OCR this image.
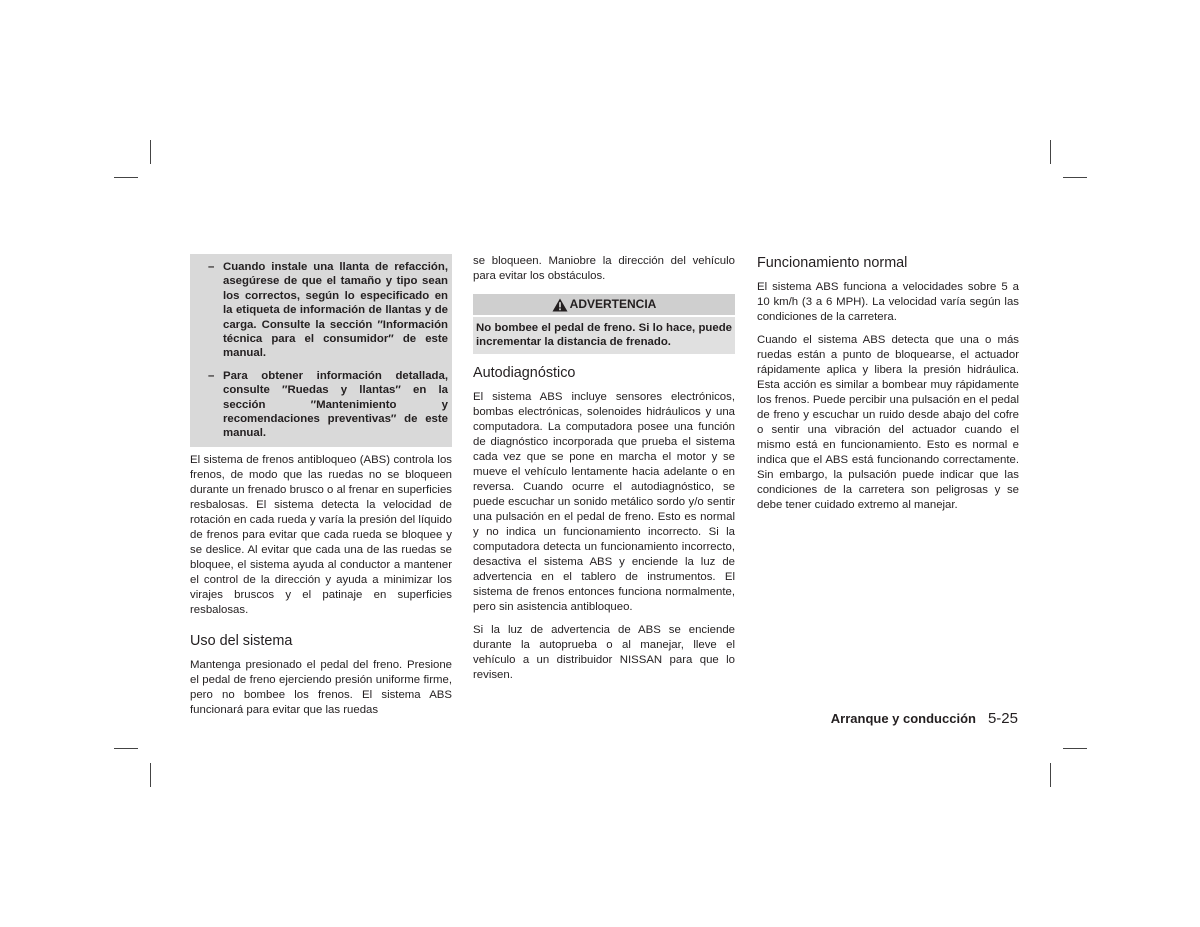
– Cuando instale una llanta de refacción, asegúrese de que el tamaño y tipo sean los correctos, según lo especificado en la etiqueta de información de llantas y de carga. Consulte la sección ″Información técnica para el consumidor″ de este manual.
– Para obtener información detallada, consulte ″Ruedas y llantas″ en la sección ″Mantenimiento y recomendaciones preventivas″ de este manual.

El sistema de frenos antibloqueo (ABS) controla los frenos, de modo que las ruedas no se bloqueen durante un frenado brusco o al frenar en superficies resbalosas. El sistema detecta la velocidad de rotación en cada rueda y varía la presión del líquido de frenos para evitar que cada rueda se bloquee y se deslice. Al evitar que cada una de las ruedas se bloquee, el sistema ayuda al conductor a mantener el control de la dirección y ayuda a minimizar los virajes bruscos y el patinaje en superficies resbalosas.

Uso del sistema

Mantenga presionado el pedal del freno. Presione el pedal de freno ejerciendo presión uniforme firme, pero no bombee los frenos. El sistema ABS funcionará para evitar que las ruedas

se bloqueen. Maniobre la dirección del vehículo para evitar los obstáculos.

ADVERTENCIA
No bombee el pedal de freno. Si lo hace, puede incrementar la distancia de frenado.
Autodiagnóstico

El sistema ABS incluye sensores electrónicos, bombas electrónicas, solenoides hidráulicos y una computadora. La computadora posee una función de diagnóstico incorporada que prueba el sistema cada vez que se pone en marcha el motor y se mueve el vehículo lentamente hacia adelante o en reversa. Cuando ocurre el autodiagnóstico, se puede escuchar un sonido metálico sordo y/o sentir una pulsación en el pedal de freno. Esto es normal y no indica un funcionamiento incorrecto. Si la computadora detecta un funcionamiento incorrecto, desactiva el sistema ABS y enciende la luz de advertencia en el tablero de instrumentos. El sistema de frenos entonces funciona normalmente, pero sin asistencia antibloqueo.

Si la luz de advertencia de ABS se enciende durante la autoprueba o al manejar, lleve el vehículo a un distribuidor NISSAN para que lo revisen.

Funcionamiento normal

El sistema ABS funciona a velocidades sobre 5 a 10 km/h (3 a 6 MPH). La velocidad varía según las condiciones de la carretera.

Cuando el sistema ABS detecta que una o más ruedas están a punto de bloquearse, el actuador rápidamente aplica y libera la presión hidráulica. Esta acción es similar a bombear muy rápidamente los frenos. Puede percibir una pulsación en el pedal de freno y escuchar un ruido desde abajo del cofre o sentir una vibración del actuador cuando el mismo está en funcionamiento. Esto es normal e indica que el ABS está funcionando correctamente. Sin embargo, la pulsación puede indicar que las condiciones de la carretera son peligrosas y se debe tener cuidado extremo al manejar.

Arranque y conducción 5-25
